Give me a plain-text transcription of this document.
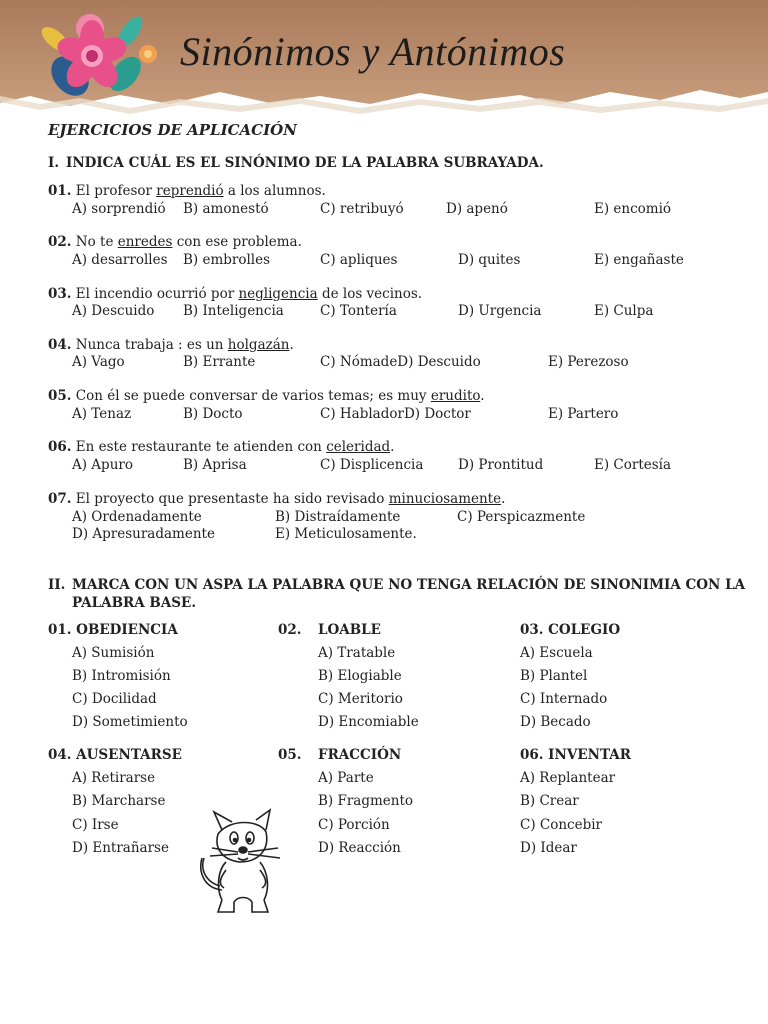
Sinónimos y Antónimos
EJERCICIOS DE APLICACIÓN
I. INDICA CUÁL ES EL SINÓNIMO DE LA PALABRA SUBRAYADA.
01. El profesor reprendió a los alumnos.
A) sorprendió B) amonestó	C) retribuyó	D) apenó	E) encomió
02. No te enredes con ese problema.
A) desarrolles B) embrolles	C) apliques	D) quites	E) engañaste
03. El incendio ocurrió por negligencia de los vecinos.
A) Descuido B) Inteligencia	C) Tontería	D) Urgencia	E) Culpa
04. Nunca trabaja : es un holgazán.
A) Vago	B) Errante	C) NómadeD) Descuido	E) Perezoso
05. Con él se puede conversar de varios temas; es muy erudito.
A) Tenaz	B) Docto	C) HabladorD) Doctor	E) Partero
06. En este restaurante te atienden con celeridad.
A) Apuro	B) Aprisa	C) Displicencia	D) Prontitud	E) Cortesía
07. El proyecto que presentaste ha sido revisado minuciosamente.
A) Ordenadamente	B) Distraídamente	C) Perspicazmente
D) Apresuradamente	E) Meticulosamente.
II. MARCA CON UN ASPA LA PALABRA QUE NO TENGA RELACIÓN DE SINONIMIA CON LA
PALABRA BASE.
01. OBEDIENCIA
A) Sumisión
B) Intromisión
C) Docilidad
D) Sometimiento
02. LOABLE
A) Tratable
B) Elogiable
C) Meritorio
D) Encomiable
03. COLEGIO
A) Escuela
B) Plantel
C) Internado
D) Becado
04. AUSENTARSE
A) Retirarse
B) Marcharse
C) Irse
D) Entrañarse
05. FRACCIÓN
A) Parte
B) Fragmento
C) Porción
D) Reacción
06. INVENTAR
A) Replantear
B) Crear
C) Concebir
D) Idear
